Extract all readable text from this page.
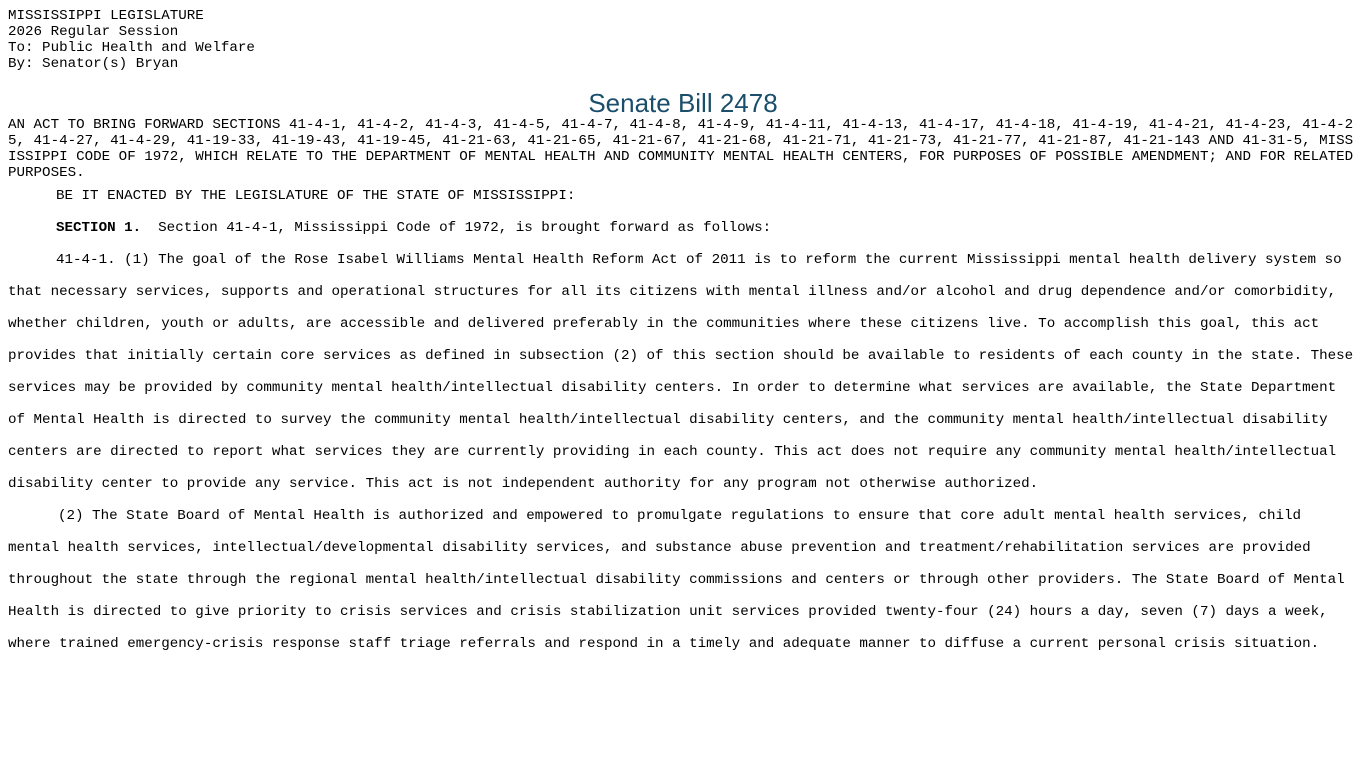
MISSISSIPPI LEGISLATURE
2026 Regular Session
To: Public Health and Welfare
By: Senator(s) Bryan
Senate Bill 2478

AN ACT TO BRING FORWARD SECTIONS 41-4-1, 41-4-2, 41-4-3, 41-4-5, 41-4-7, 41-4-8, 41-4-9, 41-4-11, 41-4-13, 41-4-17, 41-4-18, 41-4-19, 41-4-21, 41-4-23, 41-4-25, 41-4-27, 41-4-29, 41-19-33, 41-19-43, 41-19-45, 41-21-63, 41-21-65, 41-21-67, 41-21-68, 41-21-71, 41-21-73, 41-21-77, 41-21-87, 41-21-143 AND 41-31-5, MISSISSIPPI CODE OF 1972, WHICH RELATE TO THE DEPARTMENT OF MENTAL HEALTH AND COMMUNITY MENTAL HEALTH CENTERS, FOR PURPOSES OF POSSIBLE AMENDMENT; AND FOR RELATED PURPOSES.

BE IT ENACTED BY THE LEGISLATURE OF THE STATE OF MISSISSIPPI:

SECTION 1.  Section 41-4-1, Mississippi Code of 1972, is brought forward as follows:

41-4-1. (1) The goal of the Rose Isabel Williams Mental Health Reform Act of 2011 is to reform the current Mississippi mental health delivery system so that necessary services, supports and operational structures for all its citizens with mental illness and/or alcohol and drug dependence and/or comorbidity, whether children, youth or adults, are accessible and delivered preferably in the communities where these citizens live. To accomplish this goal, this act provides that initially certain core services as defined in subsection (2) of this section should be available to residents of each county in the state. These services may be provided by community mental health/intellectual disability centers. In order to determine what services are available, the State Department of Mental Health is directed to survey the community mental health/intellectual disability centers, and the community mental health/intellectual disability centers are directed to report what services they are currently providing in each county. This act does not require any community mental health/intellectual disability center to provide any service. This act is not independent authority for any program not otherwise authorized.

(2) The State Board of Mental Health is authorized and empowered to promulgate regulations to ensure that core adult mental health services, child mental health services, intellectual/developmental disability services, and substance abuse prevention and treatment/rehabilitation services are provided throughout the state through the regional mental health/intellectual disability commissions and centers or through other providers. The State Board of Mental Health is directed to give priority to crisis services and crisis stabilization unit services provided twenty-four (24) hours a day, seven (7) days a week, where trained emergency-crisis response staff triage referrals and respond in a timely and adequate manner to diffuse a current personal crisis situation.
